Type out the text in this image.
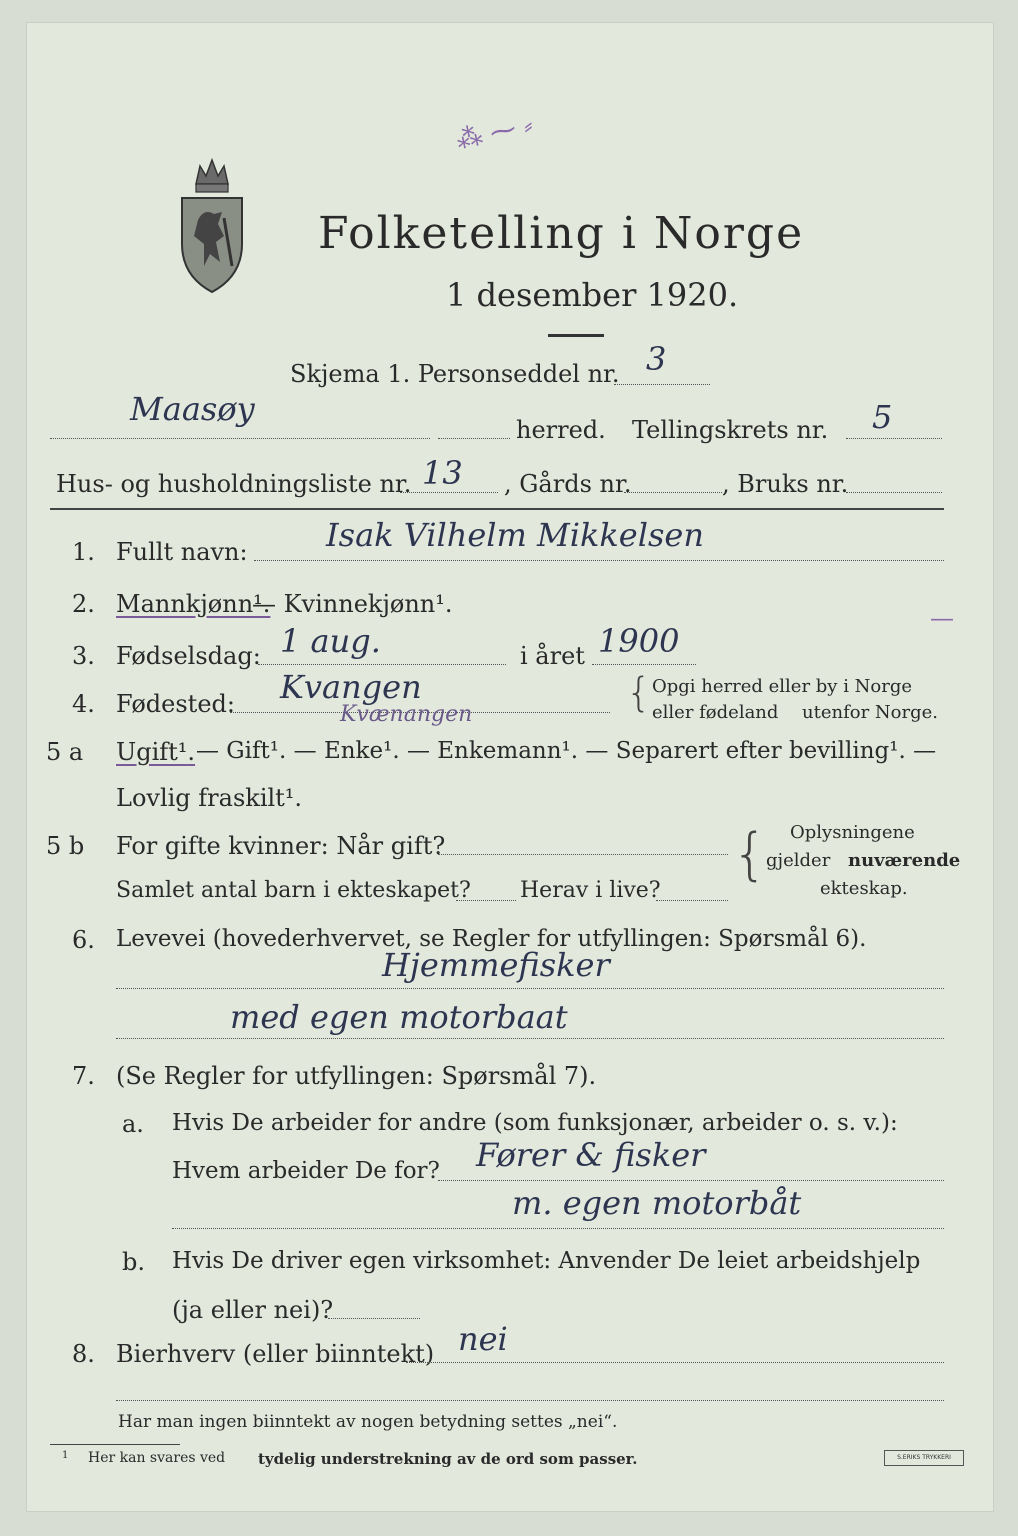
⁂ ⁓ ⸗
Folketelling i Norge
1 desember 1920.
Skjema 1. Personseddel nr. 3
Maasøy
herred. Tellingskrets nr. 5
Hus- og husholdningsliste nr. 13 , Gårds nr.	, Bruks nr.
1. Fullt navn: Isak Vilhelm Mikkelsen
2. Mannkjønn¹.
— Kvinnekjønn¹.	—
3. Fødselsdag: 1 aug.	i året 1900
4. Fødested: Kvangen
Kvænangen	{ Opgi herred eller by i Norge
eller fødeland utenfor Norge.
5 a Ugift¹. — Gift¹. — Enke¹. — Enkemann¹. — Separert efter bevilling¹. —
Lovlig fraskilt¹.
5 b For gifte kvinner: Når gift?
Samlet antal barn i ekteskapet? Herav i live?
{ Oplysningene
gjelder nuværende
ekteskap.
6. Levevei (hovederhvervet, se Regler for utfyllingen: Spørsmål 6).
Hjemmefisker
med egen motorbaat
7. (Se Regler for utfyllingen: Spørsmål 7).
a. Hvis De arbeider for andre (som funksjonær, arbeider o. s. v.):
Hvem arbeider De for? Fører & fisker
m. egen motorbåt
b. Hvis De driver egen virksomhet: Anvender De leiet arbeidshjelp
(ja eller nei)?
8. Bierhverv (eller biinntekt) nei
Har man ingen biinntekt av nogen betydning settes „nei“.
1 Her kan svares ved tydelig understrekning av de ord som passer.	S.ERIKS TRYKKERI
